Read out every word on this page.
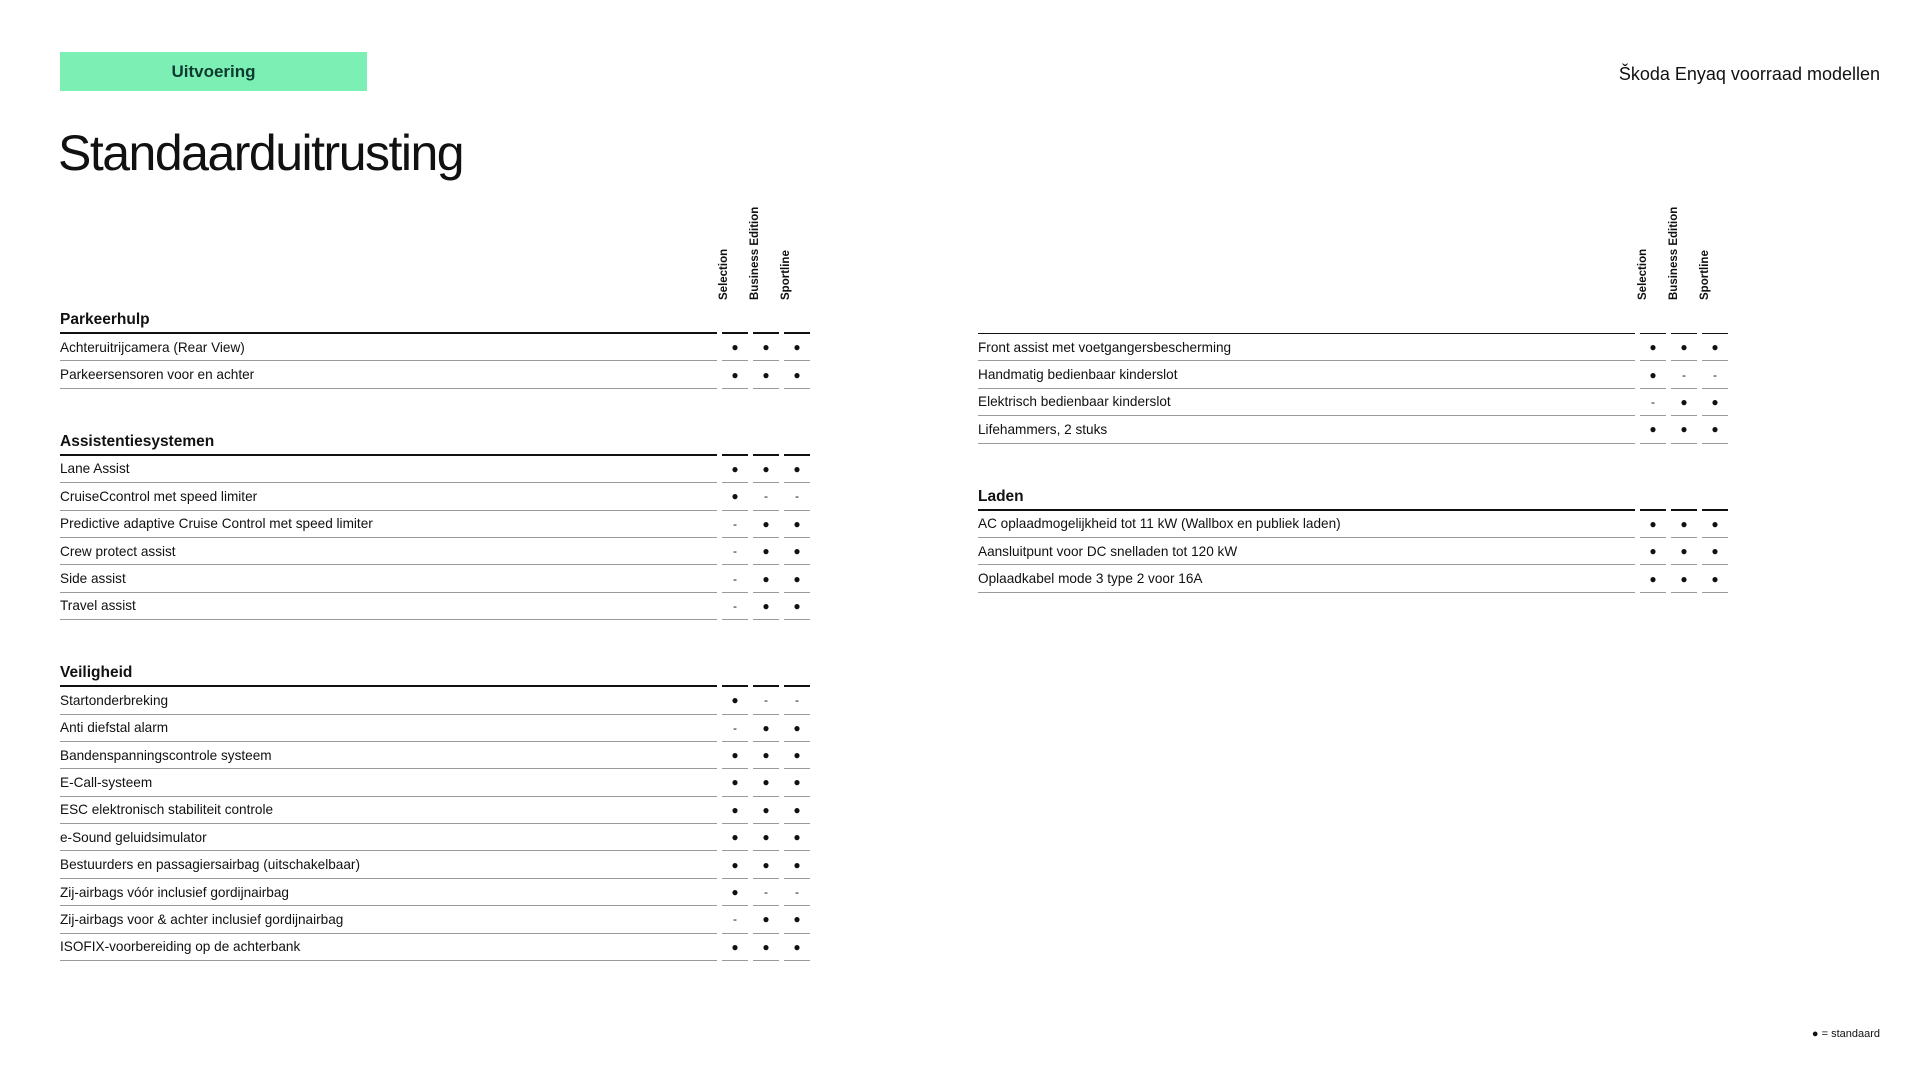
Uitvoering	Škoda Enyaq voorraad modellen
Standaarduitrusting
Selection	Business Edition	Sportline	Selection	Business Edition	Sportline
Parkeerhulp
Achteruitrijcamera (Rear View)	●	●	●
Parkeersensoren voor en achter	●	●	●
Assistentiesystemen
Lane Assist	●	●	●
CruiseCcontrol met speed limiter	●	-	-
Predictive adaptive Cruise Control met speed limiter	-	●	●
Crew protect assist	-	●	●
Side assist	-	●	●
Travel assist	-	●	●
Veiligheid
Startonderbreking	●	-	-
Anti diefstal alarm	-	●	●
Bandenspanningscontrole systeem	●	●	●
E-Call-systeem	●	●	●
ESC elektronisch stabiliteit controle	●	●	●
e-Sound geluidsimulator	●	●	●
Bestuurders en passagiersairbag (uitschakelbaar)	●	●	●
Zij-airbags vóór inclusief gordijnairbag	●	-	-
Zij-airbags voor & achter inclusief gordijnairbag	-	●	●
ISOFIX-voorbereiding op de achterbank	●	●	●
Front assist met voetgangersbescherming	●	●	●
Handmatig bedienbaar kinderslot	●	-	-
Elektrisch bedienbaar kinderslot	-	●	●
Lifehammers, 2 stuks	●	●	●
Laden
AC oplaadmogelijkheid tot 11 kW (Wallbox en publiek laden)	●	●	●
Aansluitpunt voor DC snelladen tot 120 kW	●	●	●
Oplaadkabel mode 3 type 2 voor 16A	●	●	●
● = standaard
